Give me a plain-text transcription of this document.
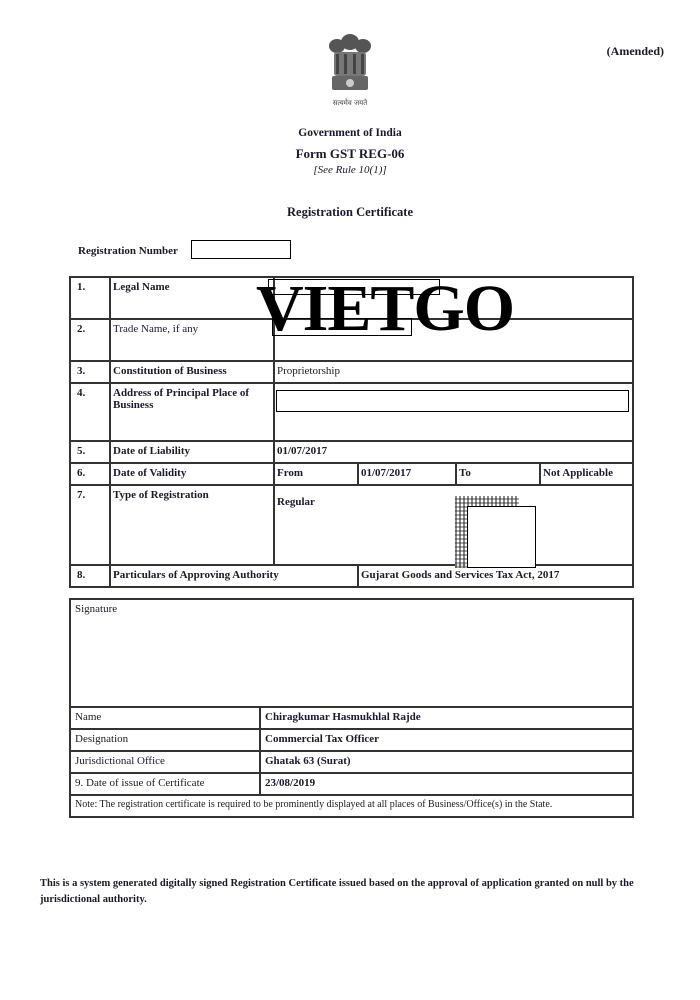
सत्यमेव जयते
(Amended)
Government of India
Form GST REG-06
[See Rule 10(1)]
Registration Certificate
Registration Number
1.	Legal Name				
2.	Trade Name, if any				
3.	Constitution of Business	Proprietorship			
4.	Address of Principal Place of Business				
5.	Date of Liability	01/07/2017			
6.	Date of Validity	From	01/07/2017	To	Not Applicable
7.	Type of Registration	Regular			
8.	Particulars of Approving Authority		Gujarat Goods and Services Tax Act, 2017		
VIETGO
Signature	
Name	Chiragkumar Hasmukhlal Rajde
Designation	Commercial Tax Officer
Jurisdictional Office	Ghatak 63 (Surat)
9. Date of issue of Certificate	23/08/2019
Note: The registration certificate is required to be prominently displayed at all places of Business/Office(s) in the State.	
This is a system generated digitally signed Registration Certificate issued based on the approval of application granted on null by the jurisdictional authority.
